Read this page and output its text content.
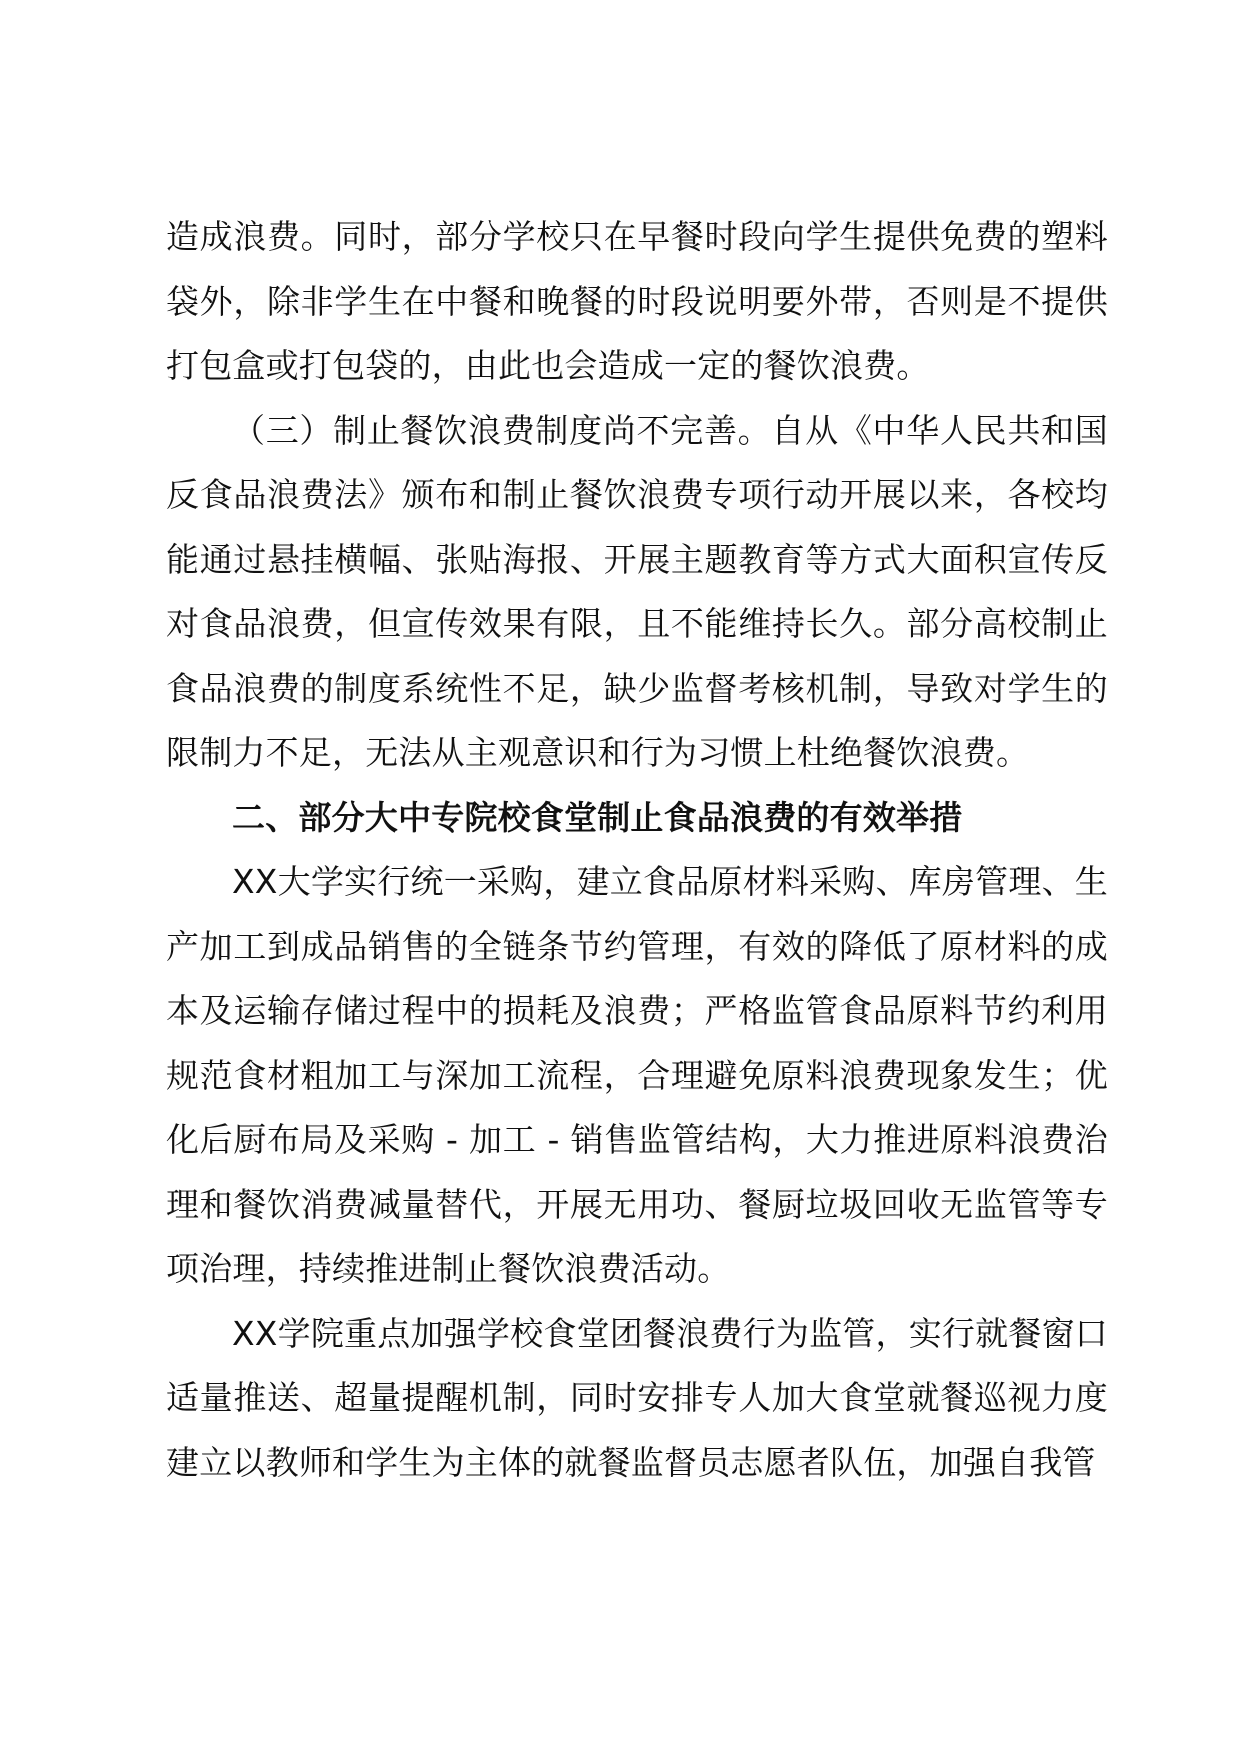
造成浪费。同时，部分学校只在早餐时段向学生提供免费的塑料袋外，除非学生在中餐和晚餐的时段说明要外带，否则是不提供打包盒或打包袋的，由此也会造成一定的餐饮浪费。

（三）制止餐饮浪费制度尚不完善。自从《中华人民共和国反食品浪费法》颁布和制止餐饮浪费专项行动开展以来，各校均能通过悬挂横幅、张贴海报、开展主题教育等方式大面积宣传反对食品浪费，但宣传效果有限，且不能维持长久。部分高校制止食品浪费的制度系统性不足，缺少监督考核机制，导致对学生的限制力不足，无法从主观意识和行为习惯上杜绝餐饮浪费。

二、部分大中专院校食堂制止食品浪费的有效举措

XX大学实行统一采购，建立食品原材料采购、库房管理、生产加工到成品销售的全链条节约管理，有效的降低了原材料的成本及运输存储过程中的损耗及浪费；严格监管食品原料节约利用规范食材粗加工与深加工流程，合理避免原料浪费现象发生；优化后厨布局及采购 - 加工 - 销售监管结构，大力推进原料浪费治理和餐饮消费减量替代，开展无用功、餐厨垃圾回收无监管等专项治理，持续推进制止餐饮浪费活动。

XX学院重点加强学校食堂团餐浪费行为监管，实行就餐窗口适量推送、超量提醒机制，同时安排专人加大食堂就餐巡视力度建立以教师和学生为主体的就餐监督员志愿者队伍，加强自我管
